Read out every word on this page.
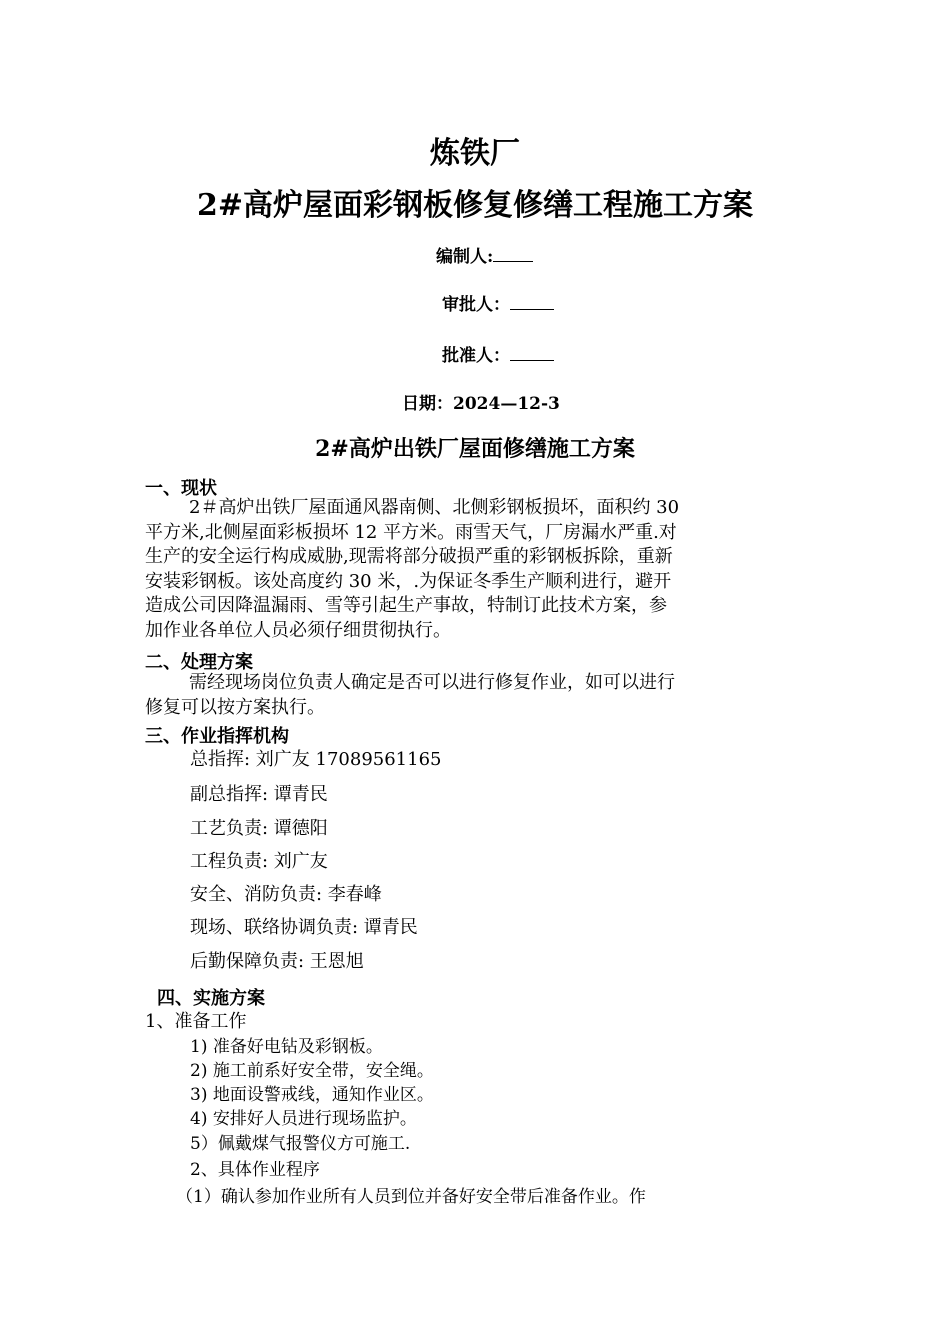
炼铁厂
2#高炉屋面彩钢板修复修缮工程施工方案
编制人:
审批人：
批准人：
日期：2024—12-3
2#高炉出铁厂屋面修缮施工方案
一、现状
2＃高炉出铁厂屋面通风器南侧、北侧彩钢板损坏，面积约 30
平方米,北侧屋面彩板损坏 12 平方米。雨雪天气，厂房漏水严重.对
生产的安全运行构成威胁,现需将部分破损严重的彩钢板拆除，重新
安装彩钢板。该处高度约 30 米，.为保证冬季生产顺利进行，避开
造成公司因降温漏雨、雪等引起生产事故，特制订此技术方案，参
加作业各单位人员必须仔细贯彻执行。
二、处理方案
需经现场岗位负责人确定是否可以进行修复作业，如可以进行
修复可以按方案执行。
三、作业指挥机构
总指挥: 刘广友 17089561165
副总指挥: 谭青民
工艺负责: 谭德阳
工程负责: 刘广友
安全、消防负责: 李春峰
现场、联络协调负责: 谭青民
后勤保障负责: 王恩旭
四、实施方案
1、准备工作
1) 准备好电钻及彩钢板。
2) 施工前系好安全带，安全绳。
3) 地面设警戒线，通知作业区。
4) 安排好人员进行现场监护。
5）佩戴煤气报警仪方可施工.
2、具体作业程序
（1）确认参加作业所有人员到位并备好安全带后准备作业。作
